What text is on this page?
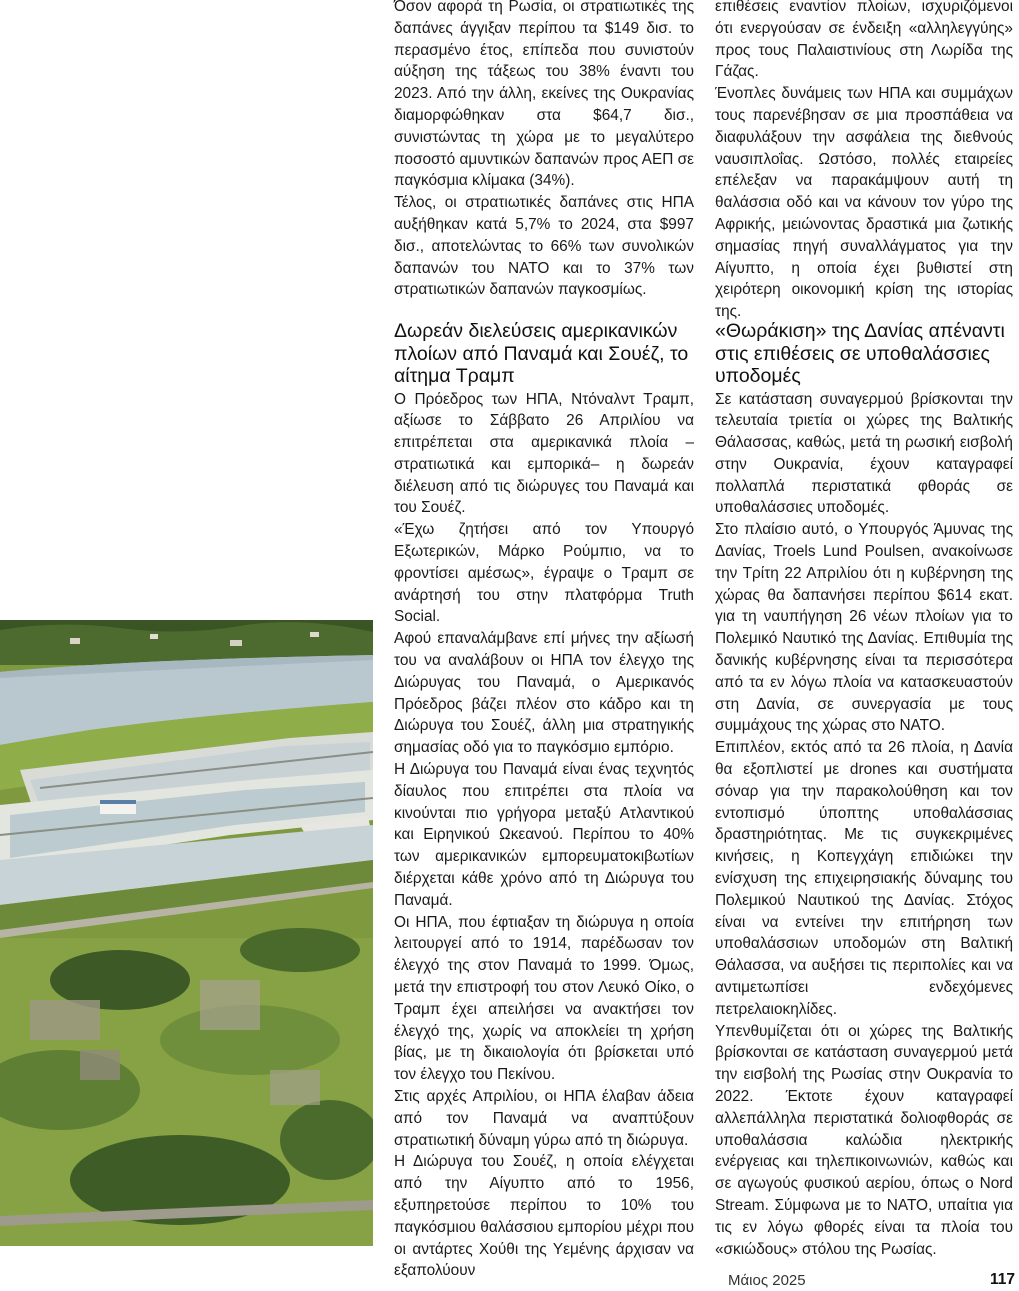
Όσον αφορά τη Ρωσία, οι στρατιωτικές της δαπάνες άγγιξαν περίπου τα $149 δισ. το περασμένο έτος, επίπεδα που συνιστούν αύξηση της τάξεως του 38% έναντι του 2023. Από την άλλη, εκείνες της Ουκρανίας διαμορφώθηκαν στα $64,7 δισ., συνιστώντας τη χώρα με το μεγαλύτερο ποσοστό αμυντικών δαπανών προς ΑΕΠ σε παγκόσμια κλίμακα (34%).

Τέλος, οι στρατιωτικές δαπάνες στις ΗΠΑ αυξήθηκαν κατά 5,7% το 2024, στα $997 δισ., αποτελώντας το 66% των συνολικών δαπανών του ΝΑΤΟ και το 37% των στρατιωτικών δαπανών παγκοσμίως.

Δωρεάν διελεύσεις αμερικανικών πλοίων από Παναμά και Σουέζ, το αίτημα Τραμπ

Ο Πρόεδρος των ΗΠΑ, Ντόναλντ Τραμπ, αξίωσε το Σάββατο 26 Απριλίου να επιτρέπεται στα αμερικανικά πλοία –στρατιωτικά και εμπορικά– η δωρεάν διέλευση από τις διώρυγες του Παναμά και του Σουέζ.

«Έχω ζητήσει από τον Υπουργό Εξωτερικών, Μάρκο Ρούμπιο, να το φροντίσει αμέσως», έγραψε ο Τραμπ σε ανάρτησή του στην πλατφόρμα Truth Social.

Αφού επαναλάμβανε επί μήνες την αξίωσή του να αναλάβουν οι ΗΠΑ τον έλεγχο της Διώρυγας του Παναμά, ο Αμερικανός Πρόεδρος βάζει πλέον στο κάδρο και τη Διώρυγα του Σουέζ, άλλη μια στρατηγικής σημασίας οδό για το παγκόσμιο εμπόριο.

Η Διώρυγα του Παναμά είναι ένας τεχνητός δίαυλος που επιτρέπει στα πλοία να κινούνται πιο γρήγορα μεταξύ Ατλαντικού και Ειρηνικού Ωκεανού. Περίπου το 40% των αμερικανικών εμπορευματοκιβωτίων διέρχεται κάθε χρόνο από τη Διώρυγα του Παναμά.

Οι ΗΠΑ, που έφτιαξαν τη διώρυγα η οποία λειτουργεί από το 1914, παρέδωσαν τον έλεγχό της στον Παναμά το 1999. Όμως, μετά την επιστροφή του στον Λευκό Οίκο, ο Τραμπ έχει απειλήσει να ανακτήσει τον έλεγχό της, χωρίς να αποκλείει τη χρήση βίας, με τη δικαιολογία ότι βρίσκεται υπό τον έλεγχο του Πεκίνου.

Στις αρχές Απριλίου, οι ΗΠΑ έλαβαν άδεια από τον Παναμά να αναπτύξουν στρατιωτική δύναμη γύρω από τη διώρυγα.

Η Διώρυγα του Σουέζ, η οποία ελέγχεται από την Αίγυπτο από το 1956, εξυπηρετούσε περίπου το 10% του παγκόσμιου θαλάσσιου εμπορίου μέχρι που οι αντάρτες Χούθι της Υεμένης άρχισαν να εξαπολύουν

επιθέσεις εναντίον πλοίων, ισχυριζόμενοι ότι ενεργούσαν σε ένδειξη «αλληλεγγύης» προς τους Παλαιστινίους στη Λωρίδα της Γάζας.

Ένοπλες δυνάμεις των ΗΠΑ και συμμάχων τους παρενέβησαν σε μια προσπάθεια να διαφυλάξουν την ασφάλεια της διεθνούς ναυσιπλοΐας. Ωστόσο, πολλές εταιρείες επέλεξαν να παρακάμψουν αυτή τη θαλάσσια οδό και να κάνουν τον γύρο της Αφρικής, μειώνοντας δραστικά μια ζωτικής σημασίας πηγή συναλλάγματος για την Αίγυπτο, η οποία έχει βυθιστεί στη χειρότερη οικονομική κρίση της ιστορίας της.

«Θωράκιση» της Δανίας απέναντι στις επιθέσεις σε υποθαλάσσιες υποδομές

Σε κατάσταση συναγερμού βρίσκονται την τελευταία τριετία οι χώρες της Βαλτικής Θάλασσας, καθώς, μετά τη ρωσική εισβολή στην Ουκρανία, έχουν καταγραφεί πολλαπλά περιστατικά φθοράς σε υποθαλάσσιες υποδομές.

Στο πλαίσιο αυτό, ο Υπουργός Άμυνας της Δανίας, Troels Lund Poulsen, ανακοίνωσε την Τρίτη 22 Απριλίου ότι η κυβέρνηση της χώρας θα δαπανήσει περίπου $614 εκατ. για τη ναυπήγηση 26 νέων πλοίων για το Πολεμικό Ναυτικό της Δανίας. Επιθυμία της δανικής κυβέρνησης είναι τα περισσότερα από τα εν λόγω πλοία να κατασκευαστούν στη Δανία, σε συνεργασία με τους συμμάχους της χώρας στο ΝΑΤΟ.

Επιπλέον, εκτός από τα 26 πλοία, η Δανία θα εξοπλιστεί με drones και συστήματα σόναρ για την παρακολούθηση και τον εντοπισμό ύποπτης υποθαλάσσιας δραστηριότητας. Με τις συγκεκριμένες κινήσεις, η Κοπεγχάγη επιδιώκει την ενίσχυση της επιχειρησιακής δύναμης του Πολεμικού Ναυτικού της Δανίας. Στόχος είναι να εντείνει την επιτήρηση των υποθαλάσσιων υποδομών στη Βαλτική Θάλασσα, να αυξήσει τις περιπολίες και να αντιμετωπίσει ενδεχόμενες πετρελαιοκηλίδες.

Υπενθυμίζεται ότι οι χώρες της Βαλτικής βρίσκονται σε κατάσταση συναγερμού μετά την εισβολή της Ρωσίας στην Ουκρανία το 2022. Έκτοτε έχουν καταγραφεί αλλεπάλληλα περιστατικά δολιοφθοράς σε υποθαλάσσια καλώδια ηλεκτρικής ενέργειας και τηλεπικοινωνιών, καθώς και σε αγωγούς φυσικού αερίου, όπως ο Nord Stream. Σύμφωνα με το ΝΑΤΟ, υπαίτια για τις εν λόγω φθορές είναι τα πλοία του «σκιώδους» στόλου της Ρωσίας.

Μάιος 2025	117
